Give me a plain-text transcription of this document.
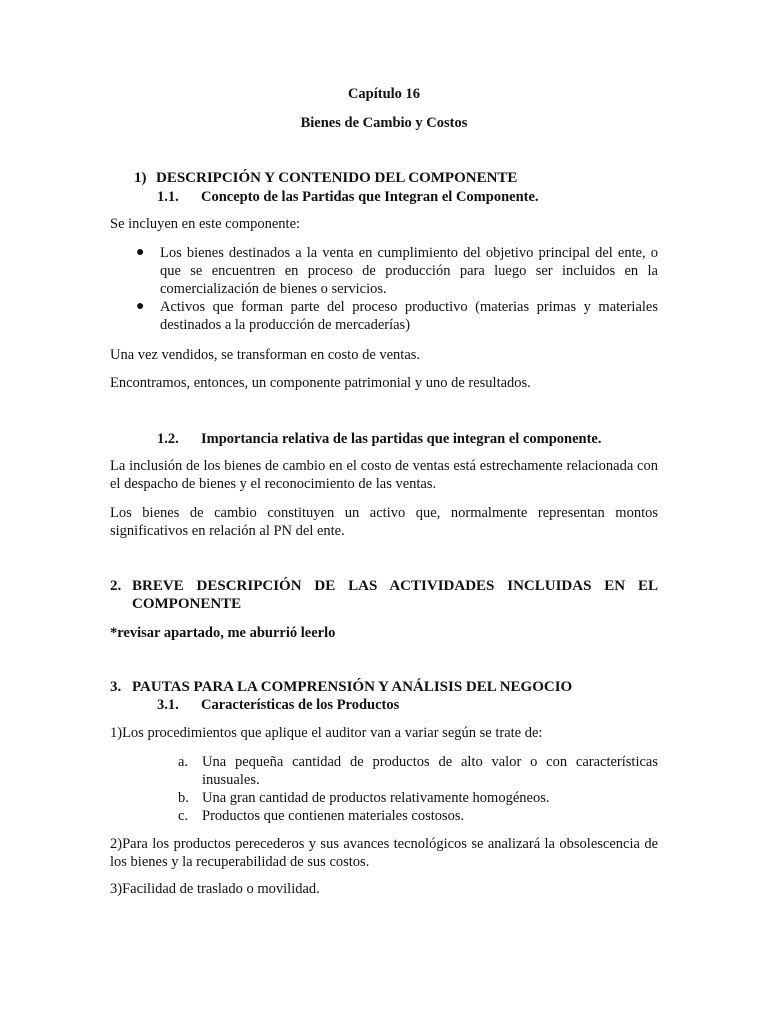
Capítulo 16

Bienes de Cambio y Costos

1) DESCRIPCIÓN Y CONTENIDO DEL COMPONENTE
1.1. Concepto de las Partidas que Integran el Componente.

Se incluyen en este componente:

● Los bienes destinados a la venta en cumplimiento del objetivo principal del ente, o que se encuentren en proceso de producción para luego ser incluidos en la comercialización de bienes o servicios.
● Activos que forman parte del proceso productivo (materias primas y materiales destinados a la producción de mercaderías)

Una vez vendidos, se transforman en costo de ventas.

Encontramos, entonces, un componente patrimonial y uno de resultados.

1.2. Importancia relativa de las partidas que integran el componente.

La inclusión de los bienes de cambio en el costo de ventas está estrechamente relacionada con el despacho de bienes y el reconocimiento de las ventas.

Los bienes de cambio constituyen un activo que, normalmente representan montos significativos en relación al PN del ente.

2. BREVE DESCRIPCIÓN DE LAS ACTIVIDADES INCLUIDAS EN EL COMPONENTE

*revisar apartado, me aburrió leerlo

3. PAUTAS PARA LA COMPRENSIÓN Y ANÁLISIS DEL NEGOCIO
3.1. Características de los Productos

1)Los procedimientos que aplique el auditor van a variar según se trate de:

a. Una pequeña cantidad de productos de alto valor o con características inusuales.
b. Una gran cantidad de productos relativamente homogéneos.
c. Productos que contienen materiales costosos.

2)Para los productos perecederos y sus avances tecnológicos se analizará la obsolescencia de los bienes y la recuperabilidad de sus costos.

3)Facilidad de traslado o movilidad.
